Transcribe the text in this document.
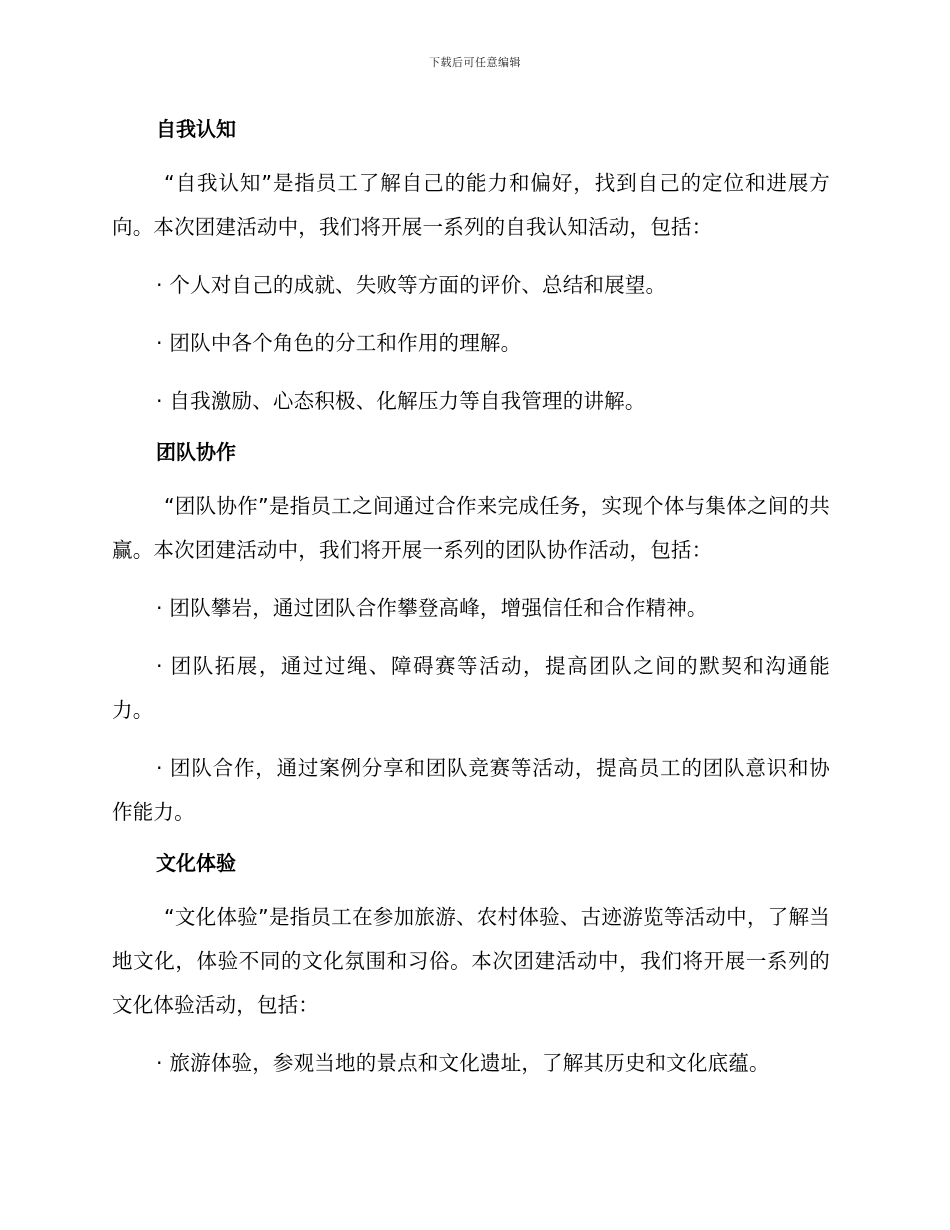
下载后可任意编辑
自我认知

“自我认知”是指员工了解自己的能力和偏好，找到自己的定位和进展方向。本次团建活动中，我们将开展一系列的自我认知活动，包括：

· 个人对自己的成就、失败等方面的评价、总结和展望。

· 团队中各个角色的分工和作用的理解。

· 自我激励、心态积极、化解压力等自我管理的讲解。

团队协作

“团队协作”是指员工之间通过合作来完成任务，实现个体与集体之间的共赢。本次团建活动中，我们将开展一系列的团队协作活动，包括：

· 团队攀岩，通过团队合作攀登高峰，增强信任和合作精神。

· 团队拓展，通过过绳、障碍赛等活动，提高团队之间的默契和沟通能力。

· 团队合作，通过案例分享和团队竞赛等活动，提高员工的团队意识和协作能力。

文化体验

“文化体验”是指员工在参加旅游、农村体验、古迹游览等活动中，了解当地文化，体验不同的文化氛围和习俗。本次团建活动中，我们将开展一系列的文化体验活动，包括：

· 旅游体验，参观当地的景点和文化遗址，了解其历史和文化底蕴。
